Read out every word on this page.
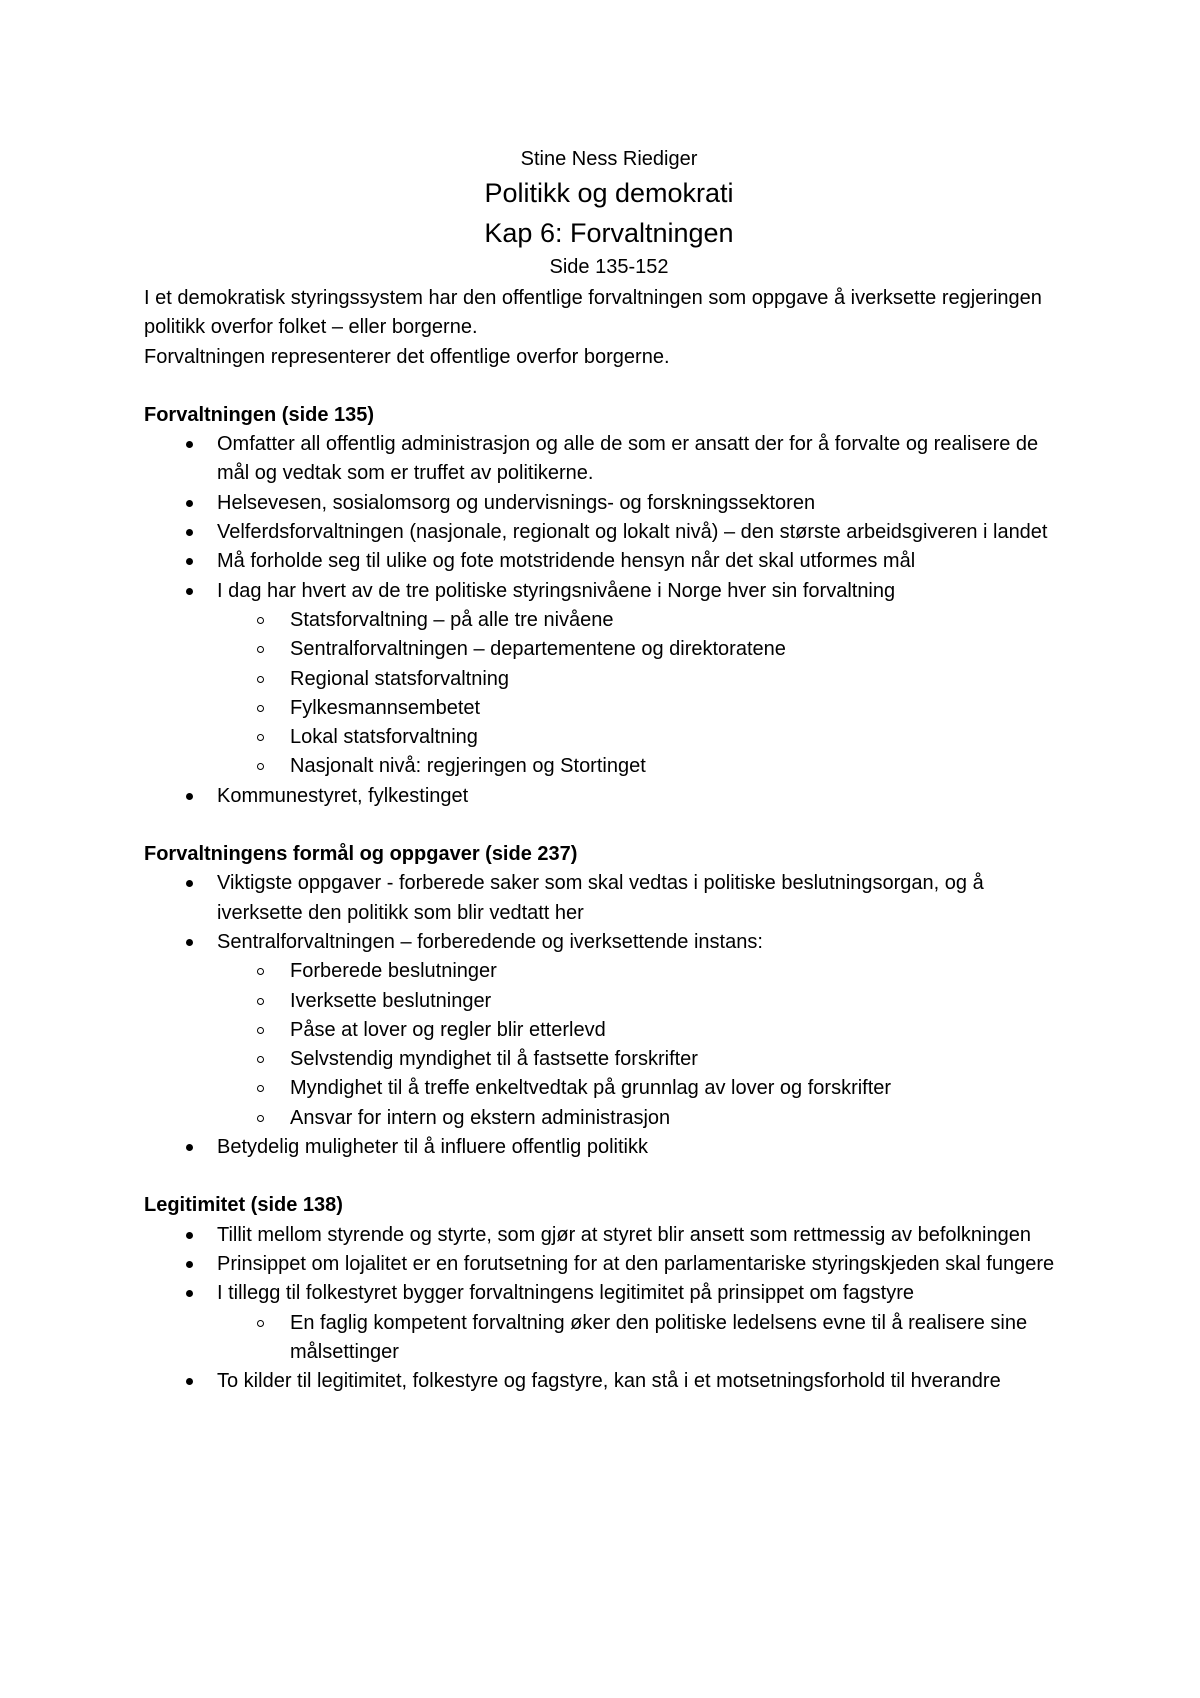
Stine Ness Riediger
Politikk og demokrati
Kap 6: Forvaltningen
Side 135-152

I et demokratisk styringssystem har den offentlige forvaltningen som oppgave å iverksette regjeringen politikk overfor folket – eller borgerne.

Forvaltningen representerer det offentlige overfor borgerne.

Forvaltningen (side 135)
Omfatter all offentlig administrasjon og alle de som er ansatt der for å forvalte og realisere de mål og vedtak som er truffet av politikerne.
Helsevesen, sosialomsorg og undervisnings- og forskningssektoren
Velferdsforvaltningen (nasjonale, regionalt og lokalt nivå) – den største arbeidsgiveren i landet
Må forholde seg til ulike og fote motstridende hensyn når det skal utformes mål
I dag har hvert av de tre politiske styringsnivåene i Norge hver sin forvaltning
Statsforvaltning – på alle tre nivåene
Sentralforvaltningen – departementene og direktoratene
Regional statsforvaltning
Fylkesmannsembetet
Lokal statsforvaltning
Nasjonalt nivå: regjeringen og Stortinget
Kommunestyret, fylkestinget
Forvaltningens formål og oppgaver (side 237)
Viktigste oppgaver - forberede saker som skal vedtas i politiske beslutningsorgan, og å iverksette den politikk som blir vedtatt her
Sentralforvaltningen – forberedende og iverksettende instans:
Forberede beslutninger
Iverksette beslutninger
Påse at lover og regler blir etterlevd
Selvstendig myndighet til å fastsette forskrifter
Myndighet til å treffe enkeltvedtak på grunnlag av lover og forskrifter
Ansvar for intern og ekstern administrasjon
Betydelig muligheter til å influere offentlig politikk
Legitimitet (side 138)
Tillit mellom styrende og styrte, som gjør at styret blir ansett som rettmessig av befolkningen
Prinsippet om lojalitet er en forutsetning for at den parlamentariske styringskjeden skal fungere
I tillegg til folkestyret bygger forvaltningens legitimitet på prinsippet om fagstyre
En faglig kompetent forvaltning øker den politiske ledelsens evne til å realisere sine målsettinger
To kilder til legitimitet, folkestyre og fagstyre, kan stå i et motsetningsforhold til hverandre
